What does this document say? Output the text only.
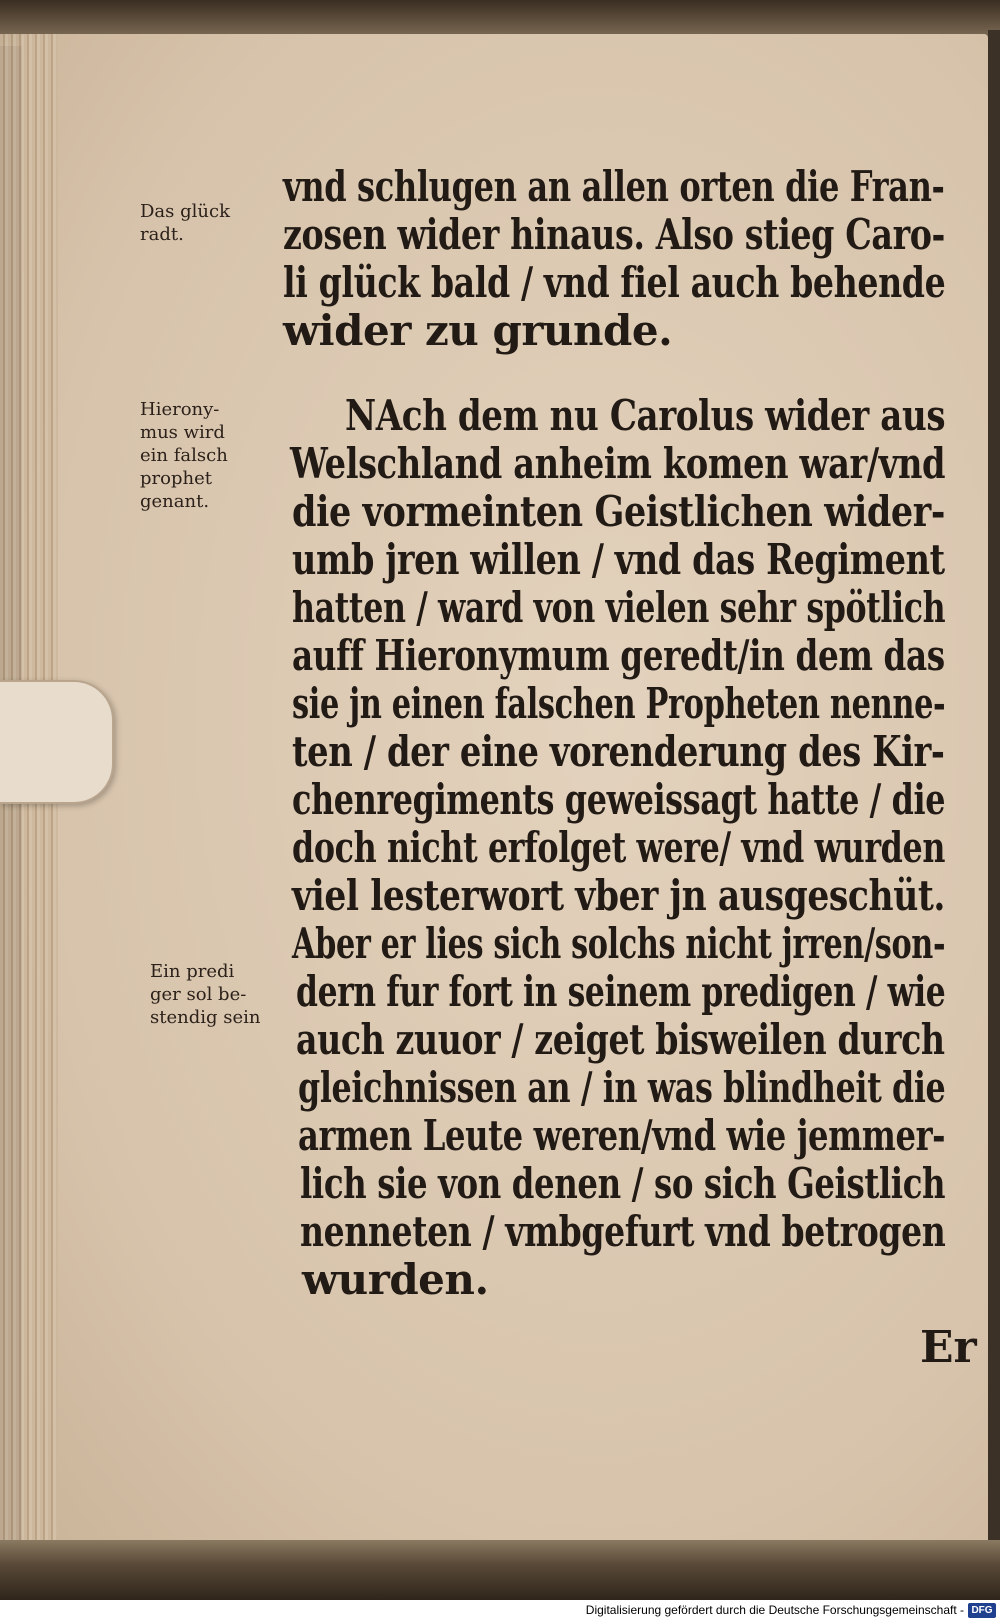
Das glück
radt.
Hierony-
mus wird
ein falsch
prophet
genant.
Ein predi
ger sol be-
stendig sein
vnd schlugen an allen orten die Fran-
zosen wider hinaus. Also stieg Caro-
li glück bald / vnd fiel auch behende
wider zu grunde.
NAch dem nu Carolus wider aus
Welschland anheim komen war/vnd
die vormeinten Geistlichen wider-
umb jren willen / vnd das Regiment
hatten / ward von vielen sehr spötlich
auff Hieronymum geredt/in dem das
sie jn einen falschen Propheten nenne-
ten / der eine vorenderung des Kir-
chenregiments geweissagt hatte / die
doch nicht erfolget were/ vnd wurden
viel lesterwort vber jn ausgeschüt.
Aber er lies sich solchs nicht jrren/son-
dern fur fort in seinem predigen / wie
auch zuuor / zeiget bisweilen durch
gleichnissen an / in was blindheit die
armen Leute weren/vnd wie jemmer-
lich sie von denen / so sich Geistlich
nenneten / vmbgefurt vnd betrogen
wurden.
Er
Digitalisierung gefördert durch die Deutsche Forschungsgemeinschaft - DFG
